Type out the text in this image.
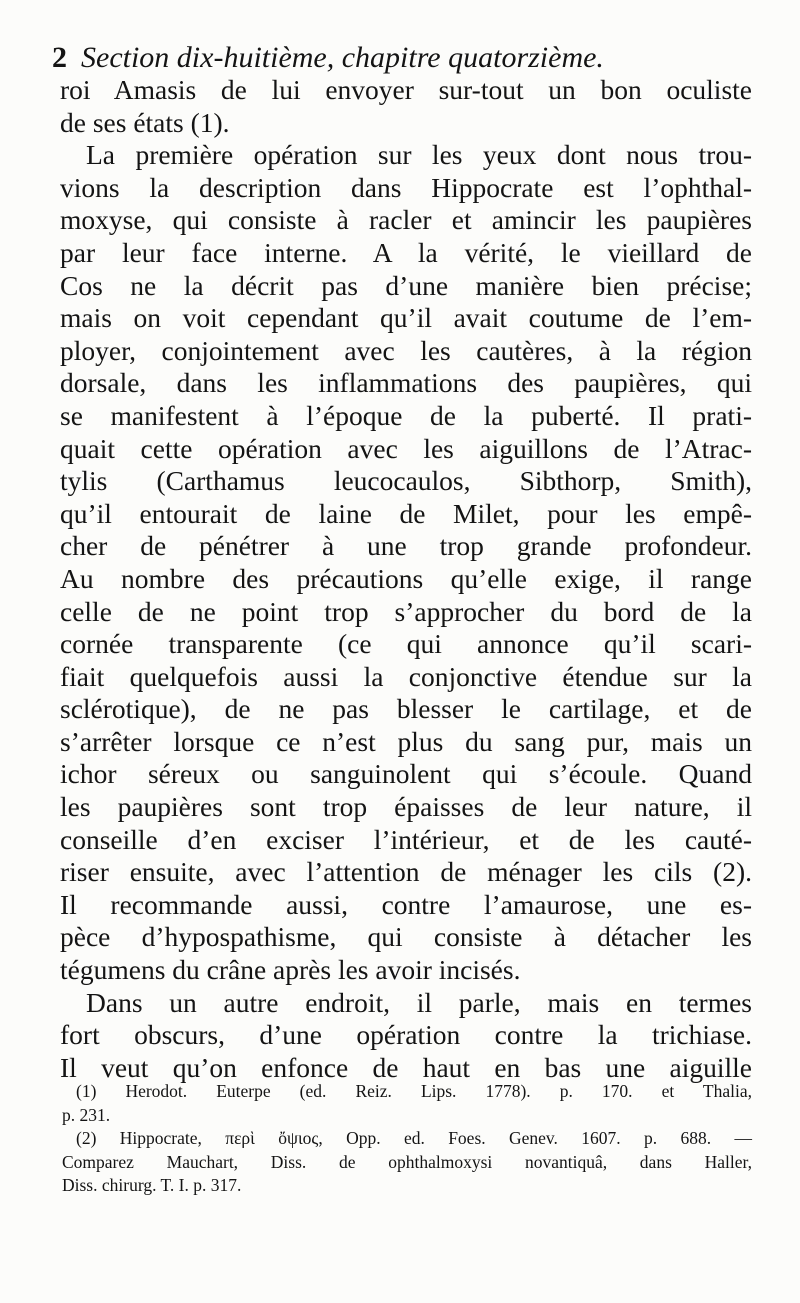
2 Section dix-huitième, chapitre quatorzième.
roi Amasis de lui envoyer sur-tout un bon oculiste
de ses états (1).
La première opération sur les yeux dont nous trou-
vions la description dans Hippocrate est l’ophthal-
moxyse, qui consiste à racler et amincir les paupières
par leur face interne. A la vérité, le vieillard de
Cos ne la décrit pas d’une manière bien précise;
mais on voit cependant qu’il avait coutume de l’em-
ployer, conjointement avec les cautères, à la région
dorsale, dans les inflammations des paupières, qui
se manifestent à l’époque de la puberté. Il prati-
quait cette opération avec les aiguillons de l’Atrac-
tylis (Carthamus leucocaulos, Sibthorp, Smith),
qu’il entourait de laine de Milet, pour les empê-
cher de pénétrer à une trop grande profondeur.
Au nombre des précautions qu’elle exige, il range
celle de ne point trop s’approcher du bord de la
cornée transparente (ce qui annonce qu’il scari-
fiait quelquefois aussi la conjonctive étendue sur la
sclérotique), de ne pas blesser le cartilage, et de
s’arrêter lorsque ce n’est plus du sang pur, mais un
ichor séreux ou sanguinolent qui s’écoule. Quand
les paupières sont trop épaisses de leur nature, il
conseille d’en exciser l’intérieur, et de les cauté-
riser ensuite, avec l’attention de ménager les cils (2).
Il recommande aussi, contre l’amaurose, une es-
pèce d’hypospathisme, qui consiste à détacher les
tégumens du crâne après les avoir incisés.
Dans un autre endroit, il parle, mais en termes
fort obscurs, d’une opération contre la trichiase.
Il veut qu’on enfonce de haut en bas une aiguille
(1) Herodot. Euterpe (ed. Reiz. Lips. 1778). p. 170. et Thalia,
p. 231.
(2) Hippocrate, περὶ ὄψιος, Opp. ed. Foes. Genev. 1607. p. 688. —
Comparez Mauchart, Diss. de ophthalmoxysi novantiquâ, dans Haller,
Diss. chirurg. T. I. p. 317.
